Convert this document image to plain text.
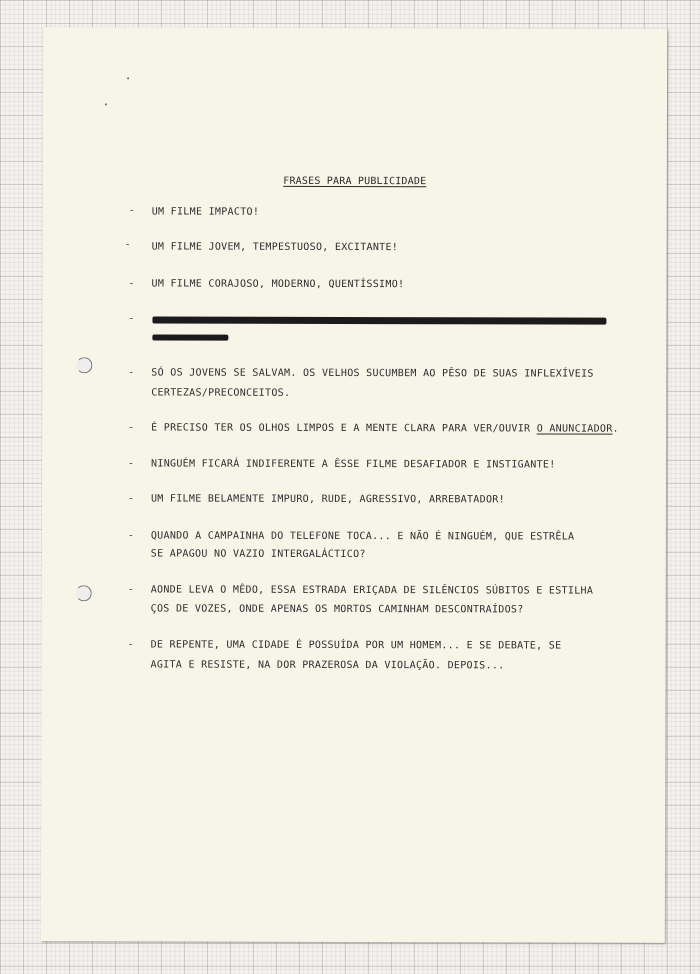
FRASES PARA PUBLICIDADE
- UM FILME IMPACTO!
- UM FILME JOVEM, TEMPESTUOSO, EXCITANTE!
- UM FILME CORAJOSO, MODERNO, QUENTÍSSIMO!
-
- SÓ OS JOVENS SE SALVAM. OS VELHOS SUCUMBEM AO PÊSO DE SUAS INFLEXÍVEIS
CERTEZAS/PRECONCEITOS.
- É PRECISO TER OS OLHOS LIMPOS E A MENTE CLARA PARA VER/OUVIR O ANUNCIADOR.
- NINGUÉM FICARÁ INDIFERENTE A ÊSSE FILME DESAFIADOR E INSTIGANTE!
- UM FILME BELAMENTE IMPURO, RUDE, AGRESSIVO, ARREBATADOR!
- QUANDO A CAMPAINHA DO TELEFONE TOCA... E NÃO É NINGUÉM, QUE ESTRÊLA
SE APAGOU NO VAZIO INTERGALÁCTICO?
- AONDE LEVA O MÊDO, ESSA ESTRADA ERIÇADA DE SILÊNCIOS SÚBITOS E ESTILHA
ÇOS DE VOZES, ONDE APENAS OS MORTOS CAMINHAM DESCONTRAÍDOS?
- DE REPENTE, UMA CIDADE É POSSUÍDA POR UM HOMEM... E SE DEBATE, SE
AGITA E RESISTE, NA DOR PRAZEROSA DA VIOLAÇÃO. DEPOIS...
